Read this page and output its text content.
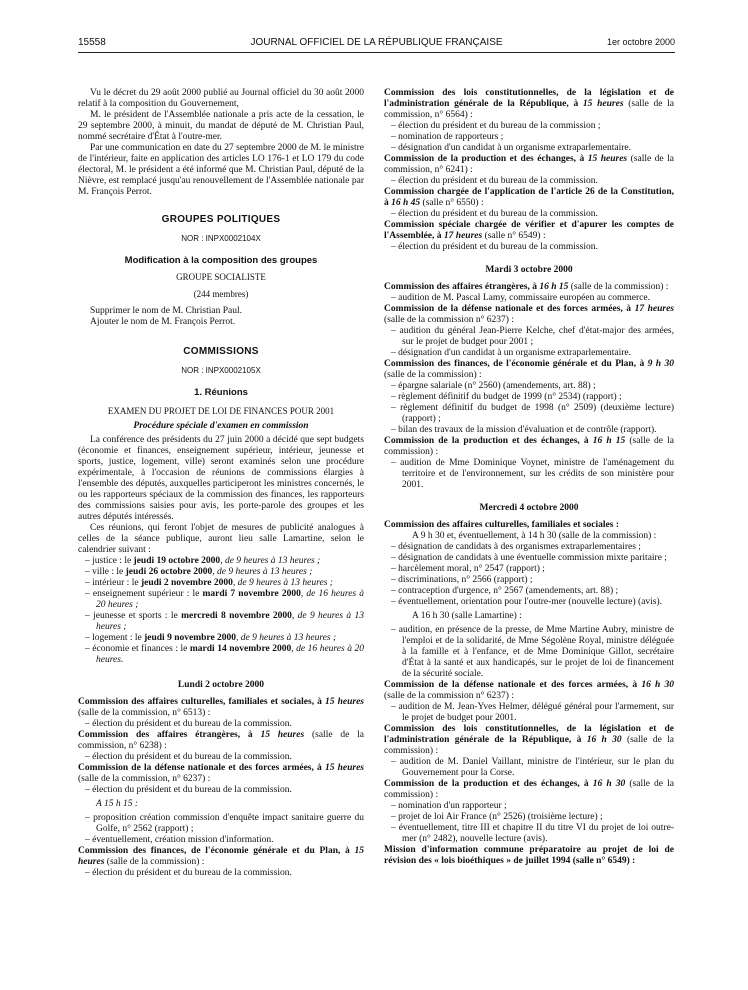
15558	JOURNAL OFFICIEL DE LA RÉPUBLIQUE FRANÇAISE	1er octobre 2000

Vu le décret du 29 août 2000 publié au Journal officiel du 30 août 2000 relatif à la composition du Gouvernement,

M. le président de l'Assemblée nationale a pris acte de la cessation, le 29 septembre 2000, à minuit, du mandat de député de M. Christian Paul, nommé secrétaire d'État à l'outre-mer.

Par une communication en date du 27 septembre 2000 de M. le ministre de l'intérieur, faite en application des articles LO 176-1 et LO 179 du code électoral, M. le président a été informé que M. Christian Paul, député de la Nièvre, est remplacé jusqu'au renouvellement de l'Assemblée nationale par M. François Perrot.

GROUPES POLITIQUES
NOR : INPX0002104X
Modification à la composition des groupes
GROUPE SOCIALISTE
(244 membres)

Supprimer le nom de M. Christian Paul.

Ajouter le nom de M. François Perrot.

COMMISSIONS
NOR : INPX0002105X
1. Réunions
EXAMEN DU PROJET DE LOI DE FINANCES POUR 2001
Procédure spéciale d'examen en commission

La conférence des présidents du 27 juin 2000 a décidé que sept budgets (économie et finances, enseignement supérieur, intérieur, jeunesse et sports, justice, logement, ville) seront examinés selon une procédure expérimentale, à l'occasion de réunions de commissions élargies à l'ensemble des députés, auxquelles participeront les ministres concernés, le ou les rapporteurs spéciaux de la commission des finances, les rapporteurs des commissions saisies pour avis, les porte-parole des groupes et les autres députés intéressés.

Ces réunions, qui feront l'objet de mesures de publicité analogues à celles de la séance publique, auront lieu salle Lamartine, selon le calendrier suivant :

– justice : le jeudi 19 octobre 2000, de 9 heures à 13 heures ;

– ville : le jeudi 26 octobre 2000, de 9 heures à 13 heures ;

– intérieur : le jeudi 2 novembre 2000, de 9 heures à 13 heures ;

– enseignement supérieur : le mardi 7 novembre 2000, de 16 heures à 20 heures ;

– jeunesse et sports : le mercredi 8 novembre 2000, de 9 heures à 13 heures ;

– logement : le jeudi 9 novembre 2000, de 9 heures à 13 heures ;

– économie et finances : le mardi 14 novembre 2000, de 16 heures à 20 heures.

Lundi 2 octobre 2000

Commission des affaires culturelles, familiales et sociales, à 15 heures (salle de la commission, n° 6513) :

– élection du président et du bureau de la commission.

Commission des affaires étrangères, à 15 heures (salle de la commission, n° 6238) :

– élection du président et du bureau de la commission.

Commission de la défense nationale et des forces armées, à 15 heures (salle de la commission, n° 6237) :

– élection du président et du bureau de la commission.

A 15 h 15 :

– proposition création commission d'enquête impact sanitaire guerre du Golfe, n° 2562 (rapport) ;

– éventuellement, création mission d'information.

Commission des finances, de l'économie générale et du Plan, à 15 heures (salle de la commission) :

– élection du président et du bureau de la commission.

Commission des lois constitutionnelles, de la législation et de l'administration générale de la République, à 15 heures (salle de la commission, n° 6564) :

– élection du président et du bureau de la commission ;

– nomination de rapporteurs ;

– désignation d'un candidat à un organisme extraparlementaire.

Commission de la production et des échanges, à 15 heures (salle de la commission, n° 6241) :

– élection du président et du bureau de la commission.

Commission chargée de l'application de l'article 26 de la Constitution, à 16 h 45 (salle n° 6550) :

– élection du président et du bureau de la commission.

Commission spéciale chargée de vérifier et d'apurer les comptes de l'Assemblée, à 17 heures (salle n° 6549) :

– élection du président et du bureau de la commission.

Mardi 3 octobre 2000

Commission des affaires étrangères, à 16 h 15 (salle de la commission) :

– audition de M. Pascal Lamy, commissaire européen au commerce.

Commission de la défense nationale et des forces armées, à 17 heures (salle de la commission n° 6237) :

– audition du général Jean-Pierre Kelche, chef d'état-major des armées, sur le projet de budget pour 2001 ;

– désignation d'un candidat à un organisme extraparlementaire.

Commission des finances, de l'économie générale et du Plan, à 9 h 30 (salle de la commission) :

– épargne salariale (n° 2560) (amendements, art. 88) ;

– règlement définitif du budget de 1999 (n° 2534) (rapport) ;

– règlement définitif du budget de 1998 (n° 2509) (deuxième lecture) (rapport) ;

– bilan des travaux de la mission d'évaluation et de contrôle (rapport).

Commission de la production et des échanges, à 16 h 15 (salle de la commission) :

– audition de Mme Dominique Voynet, ministre de l'aménagement du territoire et de l'environnement, sur les crédits de son ministère pour 2001.

Mercredi 4 octobre 2000

Commission des affaires culturelles, familiales et sociales :

A 9 h 30 et, éventuellement, à 14 h 30 (salle de la commission) :

– désignation de candidats à des organismes extraparlementaires ;

– désignation de candidats à une éventuelle commission mixte paritaire ;

– harcèlement moral, n° 2547 (rapport) ;

– discriminations, n° 2566 (rapport) ;

– contraception d'urgence, n° 2567 (amendements, art. 88) ;

– éventuellement, orientation pour l'outre-mer (nouvelle lecture) (avis).

A 16 h 30 (salle Lamartine) :

– audition, en présence de la presse, de Mme Martine Aubry, ministre de l'emploi et de la solidarité, de Mme Ségolène Royal, ministre déléguée à la famille et à l'enfance, et de Mme Dominique Gillot, secrétaire d'État à la santé et aux handicapés, sur le projet de loi de financement de la sécurité sociale.

Commission de la défense nationale et des forces armées, à 16 h 30 (salle de la commission n° 6237) :

– audition de M. Jean-Yves Helmer, délégué général pour l'armement, sur le projet de budget pour 2001.

Commission des lois constitutionnelles, de la législation et de l'administration générale de la République, à 16 h 30 (salle de la commission) :

– audition de M. Daniel Vaillant, ministre de l'intérieur, sur le plan du Gouvernement pour la Corse.

Commission de la production et des échanges, à 16 h 30 (salle de la commission) :

– nomination d'un rapporteur ;

– projet de loi Air France (n° 2526) (troisième lecture) ;

– éventuellement, titre III et chapitre II du titre VI du projet de loi outre-mer (n° 2482), nouvelle lecture (avis).

Mission d'information commune préparatoire au projet de loi de révision des « lois bioéthiques » de juillet 1994 (salle n° 6549) :
